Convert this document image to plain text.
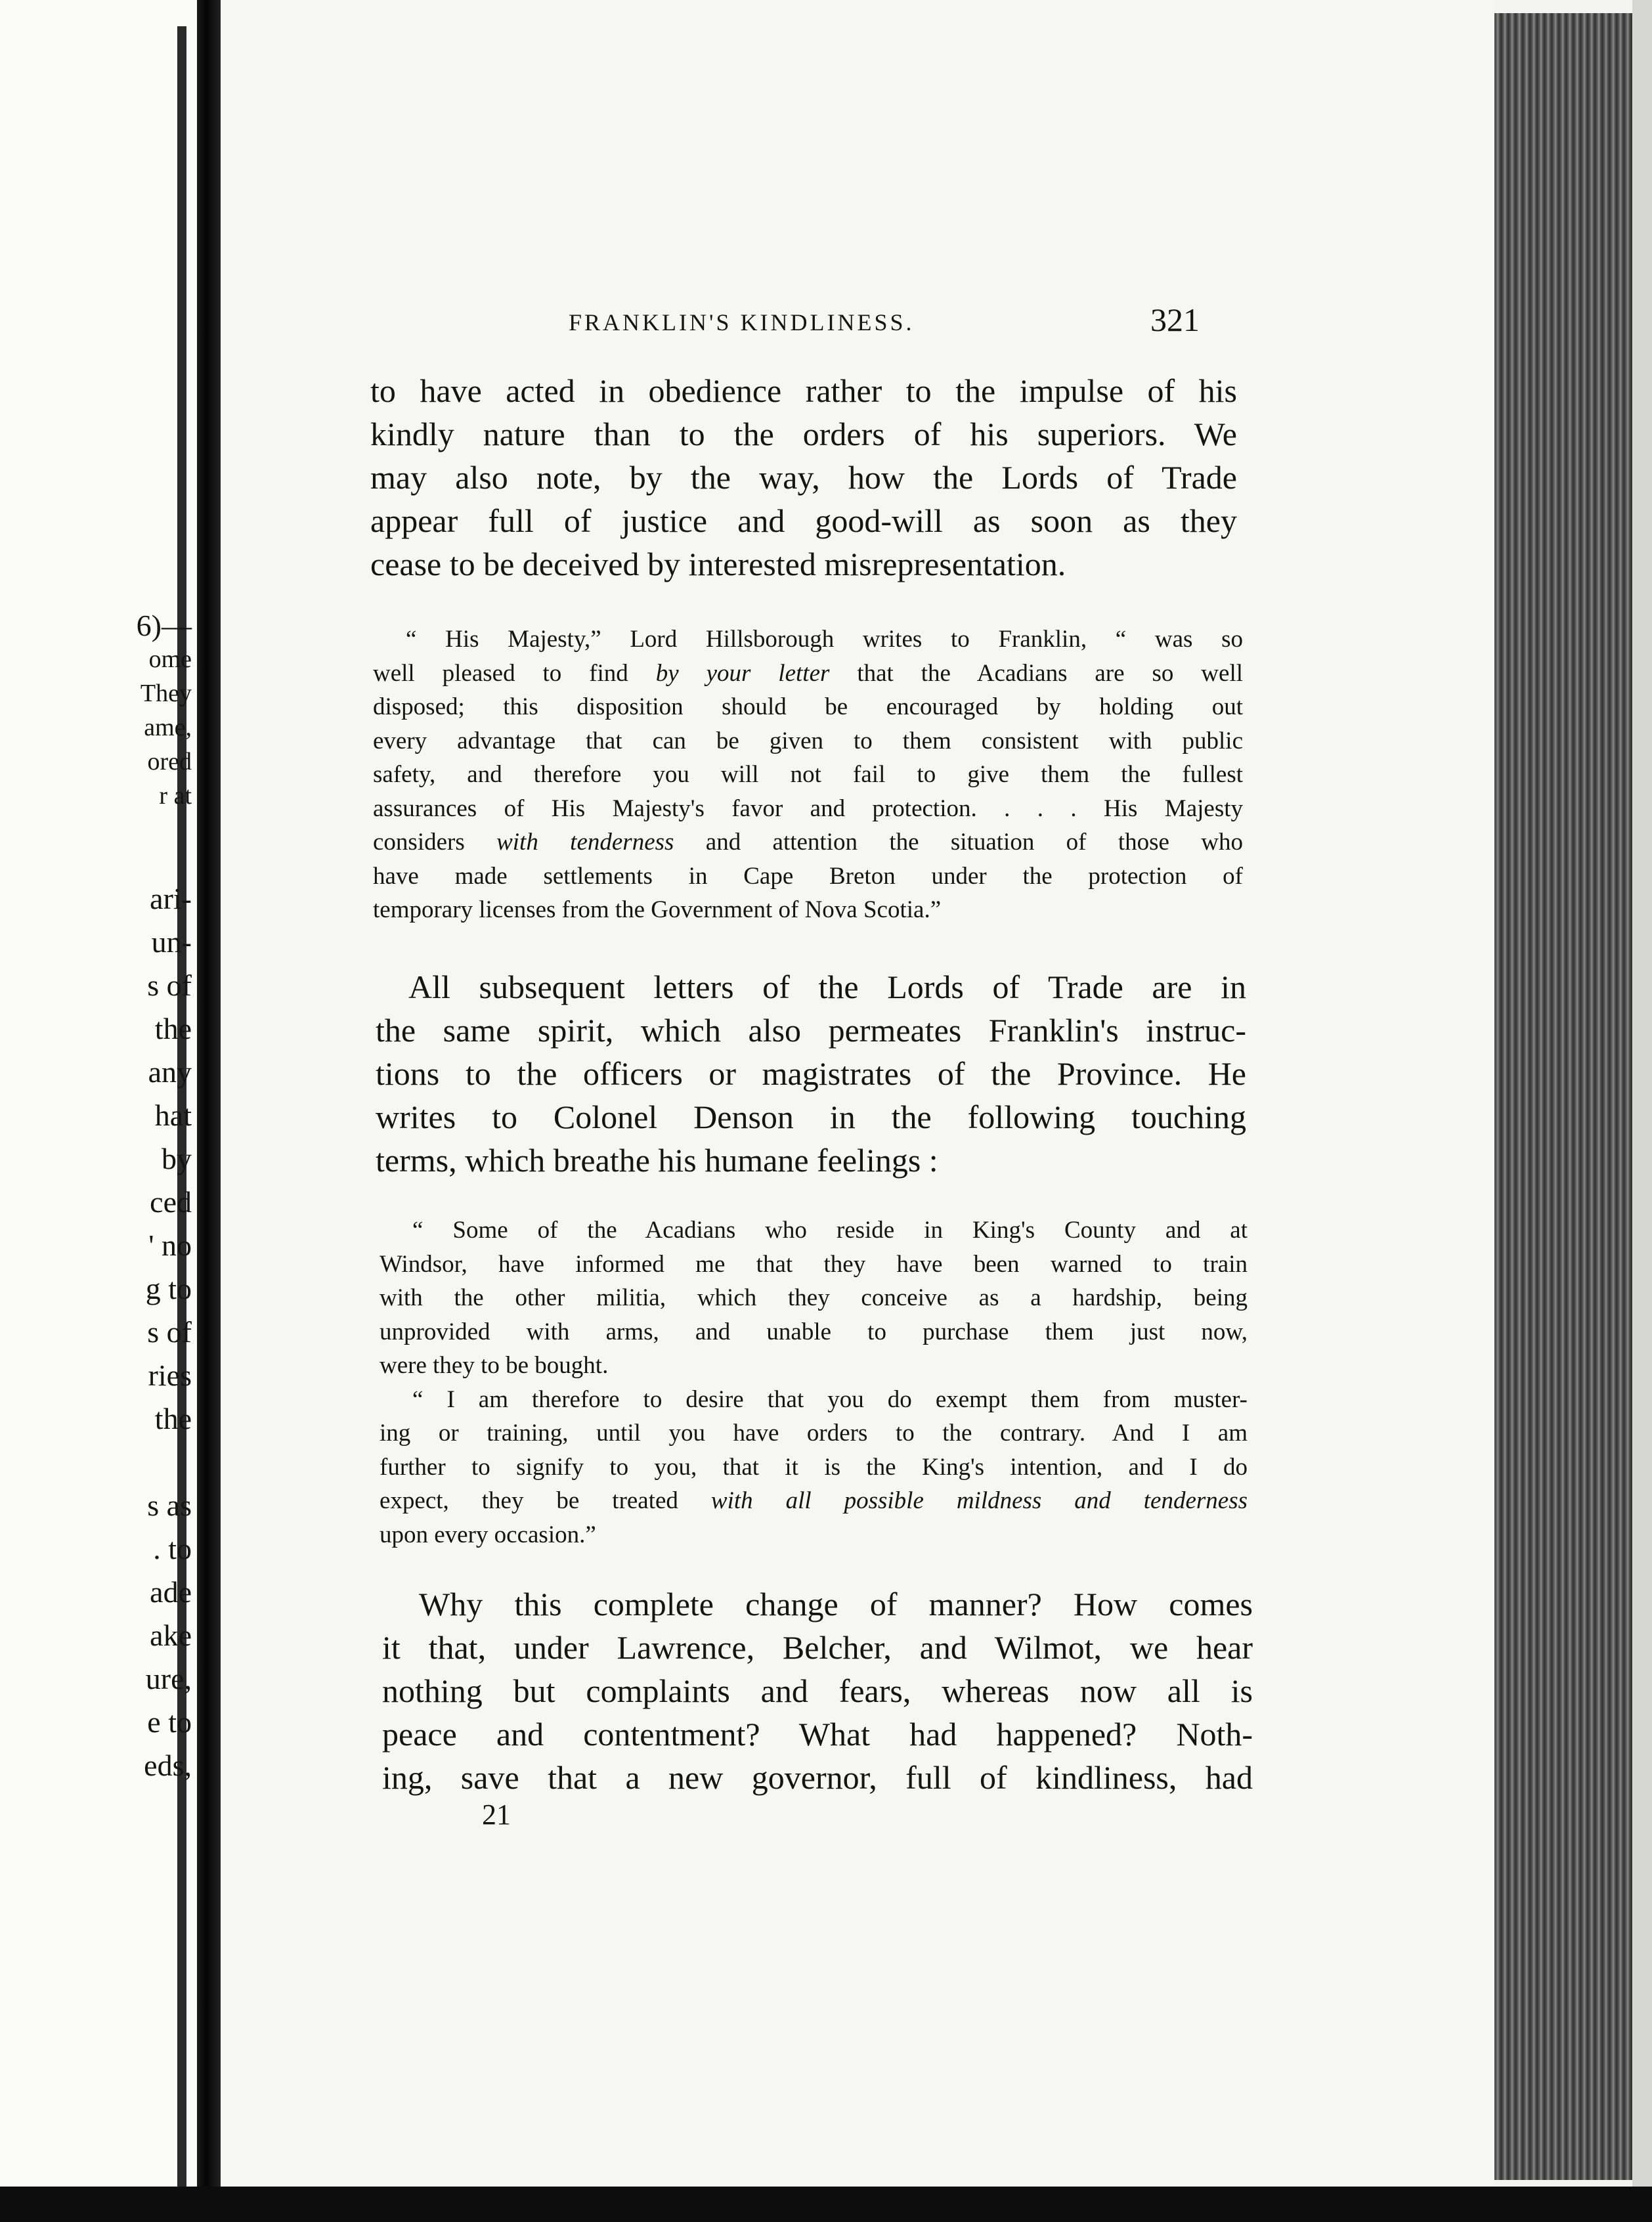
6)—
ome
They
ame,
ored
r at
ari-
un-
s of
the
any
hat
by
ced
' no
g to
s of
ries
the
s as
. to
ade
ake
ure,
e to
eds,
FRANKLIN'S KINDLINESS.	321
to have acted in obedience rather to the impulse of his
kindly nature than to the orders of his superiors. We
may also note, by the way, how the Lords of Trade
appear full of justice and good-will as soon as they
cease to be deceived by interested misrepresentation.
“ His Majesty,” Lord Hillsborough writes to Franklin, “ was so
well pleased to find by your letter that the Acadians are so well
disposed; this disposition should be encouraged by holding out
every advantage that can be given to them consistent with public
safety, and therefore you will not fail to give them the fullest
assurances of His Majesty's favor and protection. . . . His Majesty
considers with tenderness and attention the situation of those who
have made settlements in Cape Breton under the protection of
temporary licenses from the Government of Nova Scotia.”
All subsequent letters of the Lords of Trade are in
the same spirit, which also permeates Franklin's instruc-
tions to the officers or magistrates of the Province. He
writes to Colonel Denson in the following touching
terms, which breathe his humane feelings :
“ Some of the Acadians who reside in King's County and at
Windsor, have informed me that they have been warned to train
with the other militia, which they conceive as a hardship, being
unprovided with arms, and unable to purchase them just now,
were they to be bought.
“ I am therefore to desire that you do exempt them from muster-
ing or training, until you have orders to the contrary. And I am
further to signify to you, that it is the King's intention, and I do
expect, they be treated with all possible mildness and tenderness
upon every occasion.”
Why this complete change of manner? How comes
it that, under Lawrence, Belcher, and Wilmot, we hear
nothing but complaints and fears, whereas now all is
peace and contentment? What had happened? Noth-
ing, save that a new governor, full of kindliness, had
21
